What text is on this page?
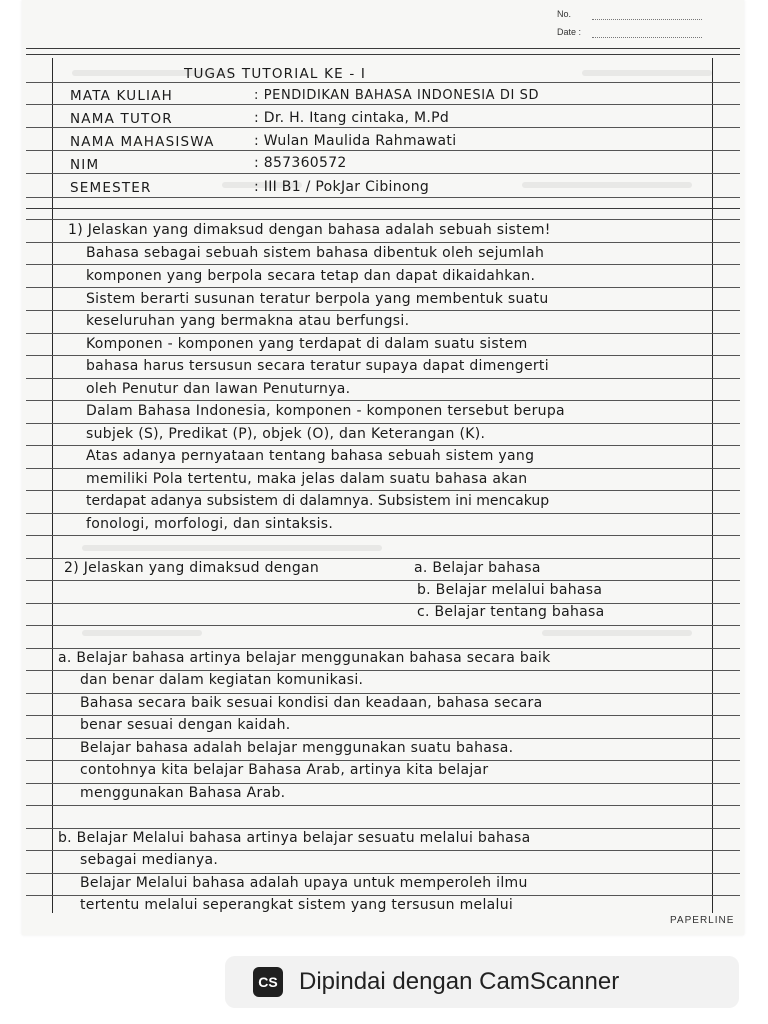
No.
Date :
TUGAS TUTORIAL KE - I
MATA KULIAH	: PENDIDIKAN BAHASA INDONESIA DI SD
NAMA TUTOR	: Dr. H. Itang cintaka, M.Pd
NAMA MAHASISWA	: Wulan Maulida Rahmawati
NIM	: 857360572
SEMESTER	: III B1 / PokJar Cibinong
1) Jelaskan yang dimaksud dengan bahasa adalah sebuah sistem!
Bahasa sebagai sebuah sistem bahasa dibentuk oleh sejumlah
komponen yang berpola secara tetap dan dapat dikaidahkan.
Sistem berarti susunan teratur berpola yang membentuk suatu
keseluruhan yang bermakna atau berfungsi.
Komponen - komponen yang terdapat di dalam suatu sistem
bahasa harus tersusun secara teratur supaya dapat dimengerti
oleh Penutur dan lawan Penuturnya.
Dalam Bahasa Indonesia, komponen - komponen tersebut berupa
subjek (S), Predikat (P), objek (O), dan Keterangan (K).
Atas adanya pernyataan tentang bahasa sebuah sistem yang
memiliki Pola tertentu, maka jelas dalam suatu bahasa akan
terdapat adanya subsistem di dalamnya. Subsistem ini mencakup
fonologi, morfologi, dan sintaksis.
2) Jelaskan yang dimaksud dengan	a. Belajar bahasa
b. Belajar melalui bahasa
c. Belajar tentang bahasa
a. Belajar bahasa artinya belajar menggunakan bahasa secara baik
dan benar dalam kegiatan komunikasi.
Bahasa secara baik sesuai kondisi dan keadaan, bahasa secara
benar sesuai dengan kaidah.
Belajar bahasa adalah belajar menggunakan suatu bahasa.
contohnya kita belajar Bahasa Arab, artinya kita belajar
menggunakan Bahasa Arab.
b. Belajar Melalui bahasa artinya belajar sesuatu melalui bahasa
sebagai medianya.
Belajar Melalui bahasa adalah upaya untuk memperoleh ilmu
tertentu melalui seperangkat sistem yang tersusun melalui
PAPERLINE
CS Dipindai dengan CamScanner
